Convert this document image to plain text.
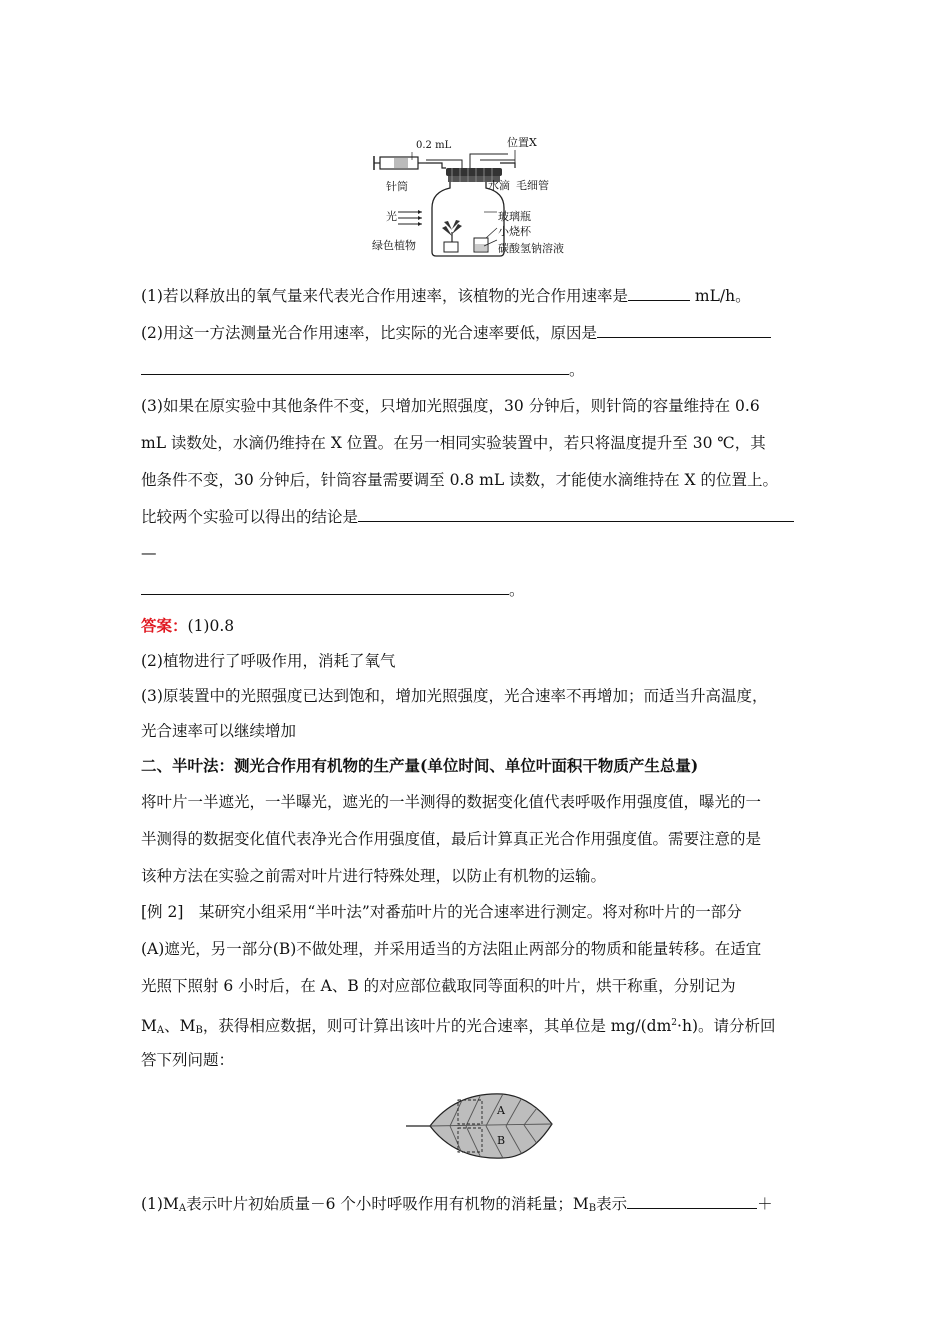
0.2 mL	位置X
针筒	水滴 毛细管
光	玻璃瓶
小烧杯
绿色植物	碳酸氢钠溶液
(1)若以释放出的氧气量来代表光合作用速率，该植物的光合作用速率是	mL/h。
(2)用这一方法测量光合作用速率，比实际的光合速率要低，原因是
。
(3)如果在原实验中其他条件不变，只增加光照强度，30 分钟后，则针筒的容量维持在 0.6
mL 读数处，水滴仍维持在 X 位置。在另一相同实验装置中，若只将温度提升至 30 ℃，其
他条件不变，30 分钟后，针筒容量需要调至 0.8 mL 读数，才能使水滴维持在 X 的位置上。
比较两个实验可以得出的结论是
—
。
答案：(1)0.8
(2)植物进行了呼吸作用，消耗了氧气
(3)原装置中的光照强度已达到饱和，增加光照强度，光合速率不再增加；而适当升高温度，
光合速率可以继续增加
二、半叶法：测光合作用有机物的生产量(单位时间、单位叶面积干物质产生总量)
将叶片一半遮光，一半曝光，遮光的一半测得的数据变化值代表呼吸作用强度值，曝光的一
半测得的数据变化值代表净光合作用强度值，最后计算真正光合作用强度值。需要注意的是
该种方法在实验之前需对叶片进行特殊处理，以防止有机物的运输。
[例 2]　某研究小组采用“半叶法”对番茄叶片的光合速率进行测定。将对称叶片的一部分
(A)遮光，另一部分(B)不做处理，并采用适当的方法阻止两部分的物质和能量转移。在适宜
光照下照射 6 小时后，在 A、B 的对应部位截取同等面积的叶片，烘干称重，分别记为
$M_A$、$M_B$，获得相应数据，则可计算出该叶片的光合速率，其单位是 $mg/(dm^2\cdot h)$。请分析回
答下列问题：
A
B
$(1)M_A$表示叶片初始质量－6 个小时呼吸作用有机物的消耗量；$M_B$表示	＋
